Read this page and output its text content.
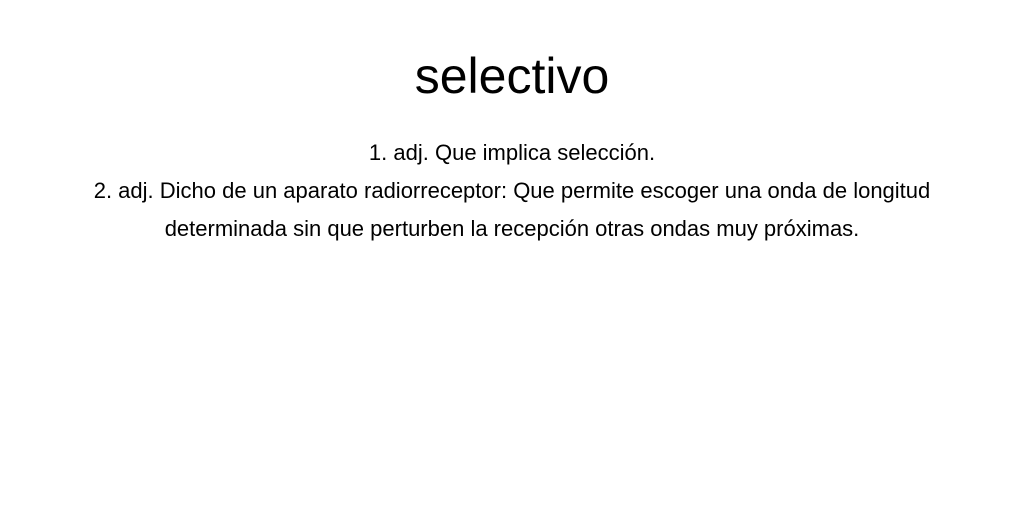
selectivo
1. adj. Que implica selección.
2. adj. Dicho de un aparato radiorreceptor: Que permite escoger una onda de longitud determinada sin que perturben la recepción otras ondas muy próximas.
